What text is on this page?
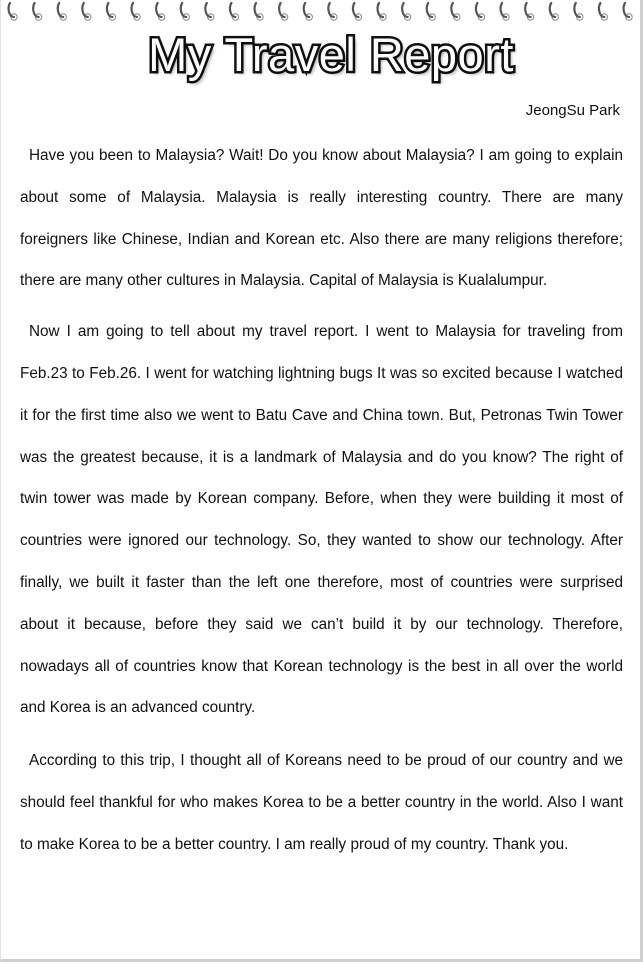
My Travel Report
JeongSu Park

Have you been to Malaysia? Wait! Do you know about Malaysia? I am going to explain about some of Malaysia. Malaysia is really interesting country. There are many foreigners like Chinese, Indian and Korean etc. Also there are many religions therefore; there are many other cultures in Malaysia. Capital of Malaysia is Kualalumpur.

Now I am going to tell about my travel report. I went to Malaysia for traveling from Feb.23 to Feb.26. I went for watching lightning bugs It was so excited because I watched it for the first time also we went to Batu Cave and China town. But, Petronas Twin Tower was the greatest because, it is a landmark of Malaysia and do you know? The right of twin tower was made by Korean company. Before, when they were building it most of countries were ignored our technology. So, they wanted to show our technology. After finally, we built it faster than the left one therefore, most of countries were surprised about it because, before they said we can’t build it by our technology. Therefore, nowadays all of countries know that Korean technology is the best in all over the world and Korea is an advanced country.

According to this trip, I thought all of Koreans need to be proud of our country and we should feel thankful for who makes Korea to be a better country in the world. Also I want to make Korea to be a better country. I am really proud of my country. Thank you.
